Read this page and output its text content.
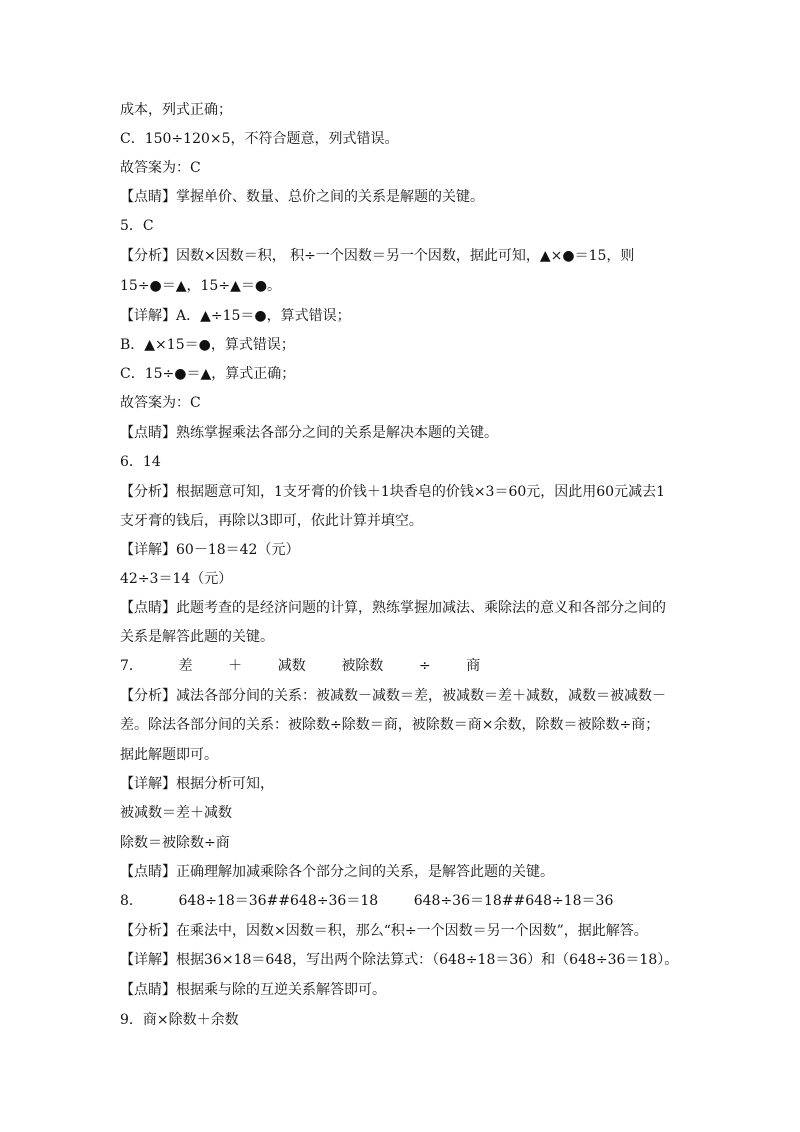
成本，列式正确；
C．150÷120×5，不符合题意，列式错误。
故答案为：C
【点睛】掌握单价、数量、总价之间的关系是解题的关键。
5．C
【分析】因数×因数＝积， 积÷一个因数＝另一个因数，据此可知，▲×●＝15，则
15÷●＝▲，15÷▲＝●。
【详解】A．▲÷15＝●，算式错误；
B．▲×15＝●，算式错误；
C．15÷●＝▲，算式正确；
故答案为：C
【点睛】熟练掌握乘法各部分之间的关系是解决本题的关键。
6．14
【分析】根据题意可知，1支牙膏的价钱＋1块香皂的价钱×3＝60元，因此用60元减去1
支牙膏的钱后，再除以3即可，依此计算并填空。
【详解】60－18＝42（元）
42÷3＝14（元）
【点睛】此题考查的是经济问题的计算，熟练掌握加减法、乘除法的意义和各部分之间的
关系是解答此题的关键。
7．        差        ＋        减数        被除数        ÷        商
【分析】减法各部分间的关系：被减数－减数＝差，被减数＝差＋减数，减数＝被减数－
差。除法各部分间的关系：被除数÷除数＝商，被除数＝商×余数，除数＝被除数÷商；
据此解题即可。
【详解】根据分析可知，
被减数＝差＋减数
除数＝被除数÷商
【点睛】正确理解加减乘除各个部分之间的关系，是解答此题的关键。
8．        648÷18＝36##648÷36＝18        648÷36＝18##648÷18＝36
【分析】在乘法中，因数×因数＝积，那么“积÷一个因数＝另一个因数”，据此解答。
【详解】根据36×18＝648，写出两个除法算式：（648÷18＝36）和（648÷36＝18）。
【点睛】根据乘与除的互逆关系解答即可。
9．商×除数＋余数
